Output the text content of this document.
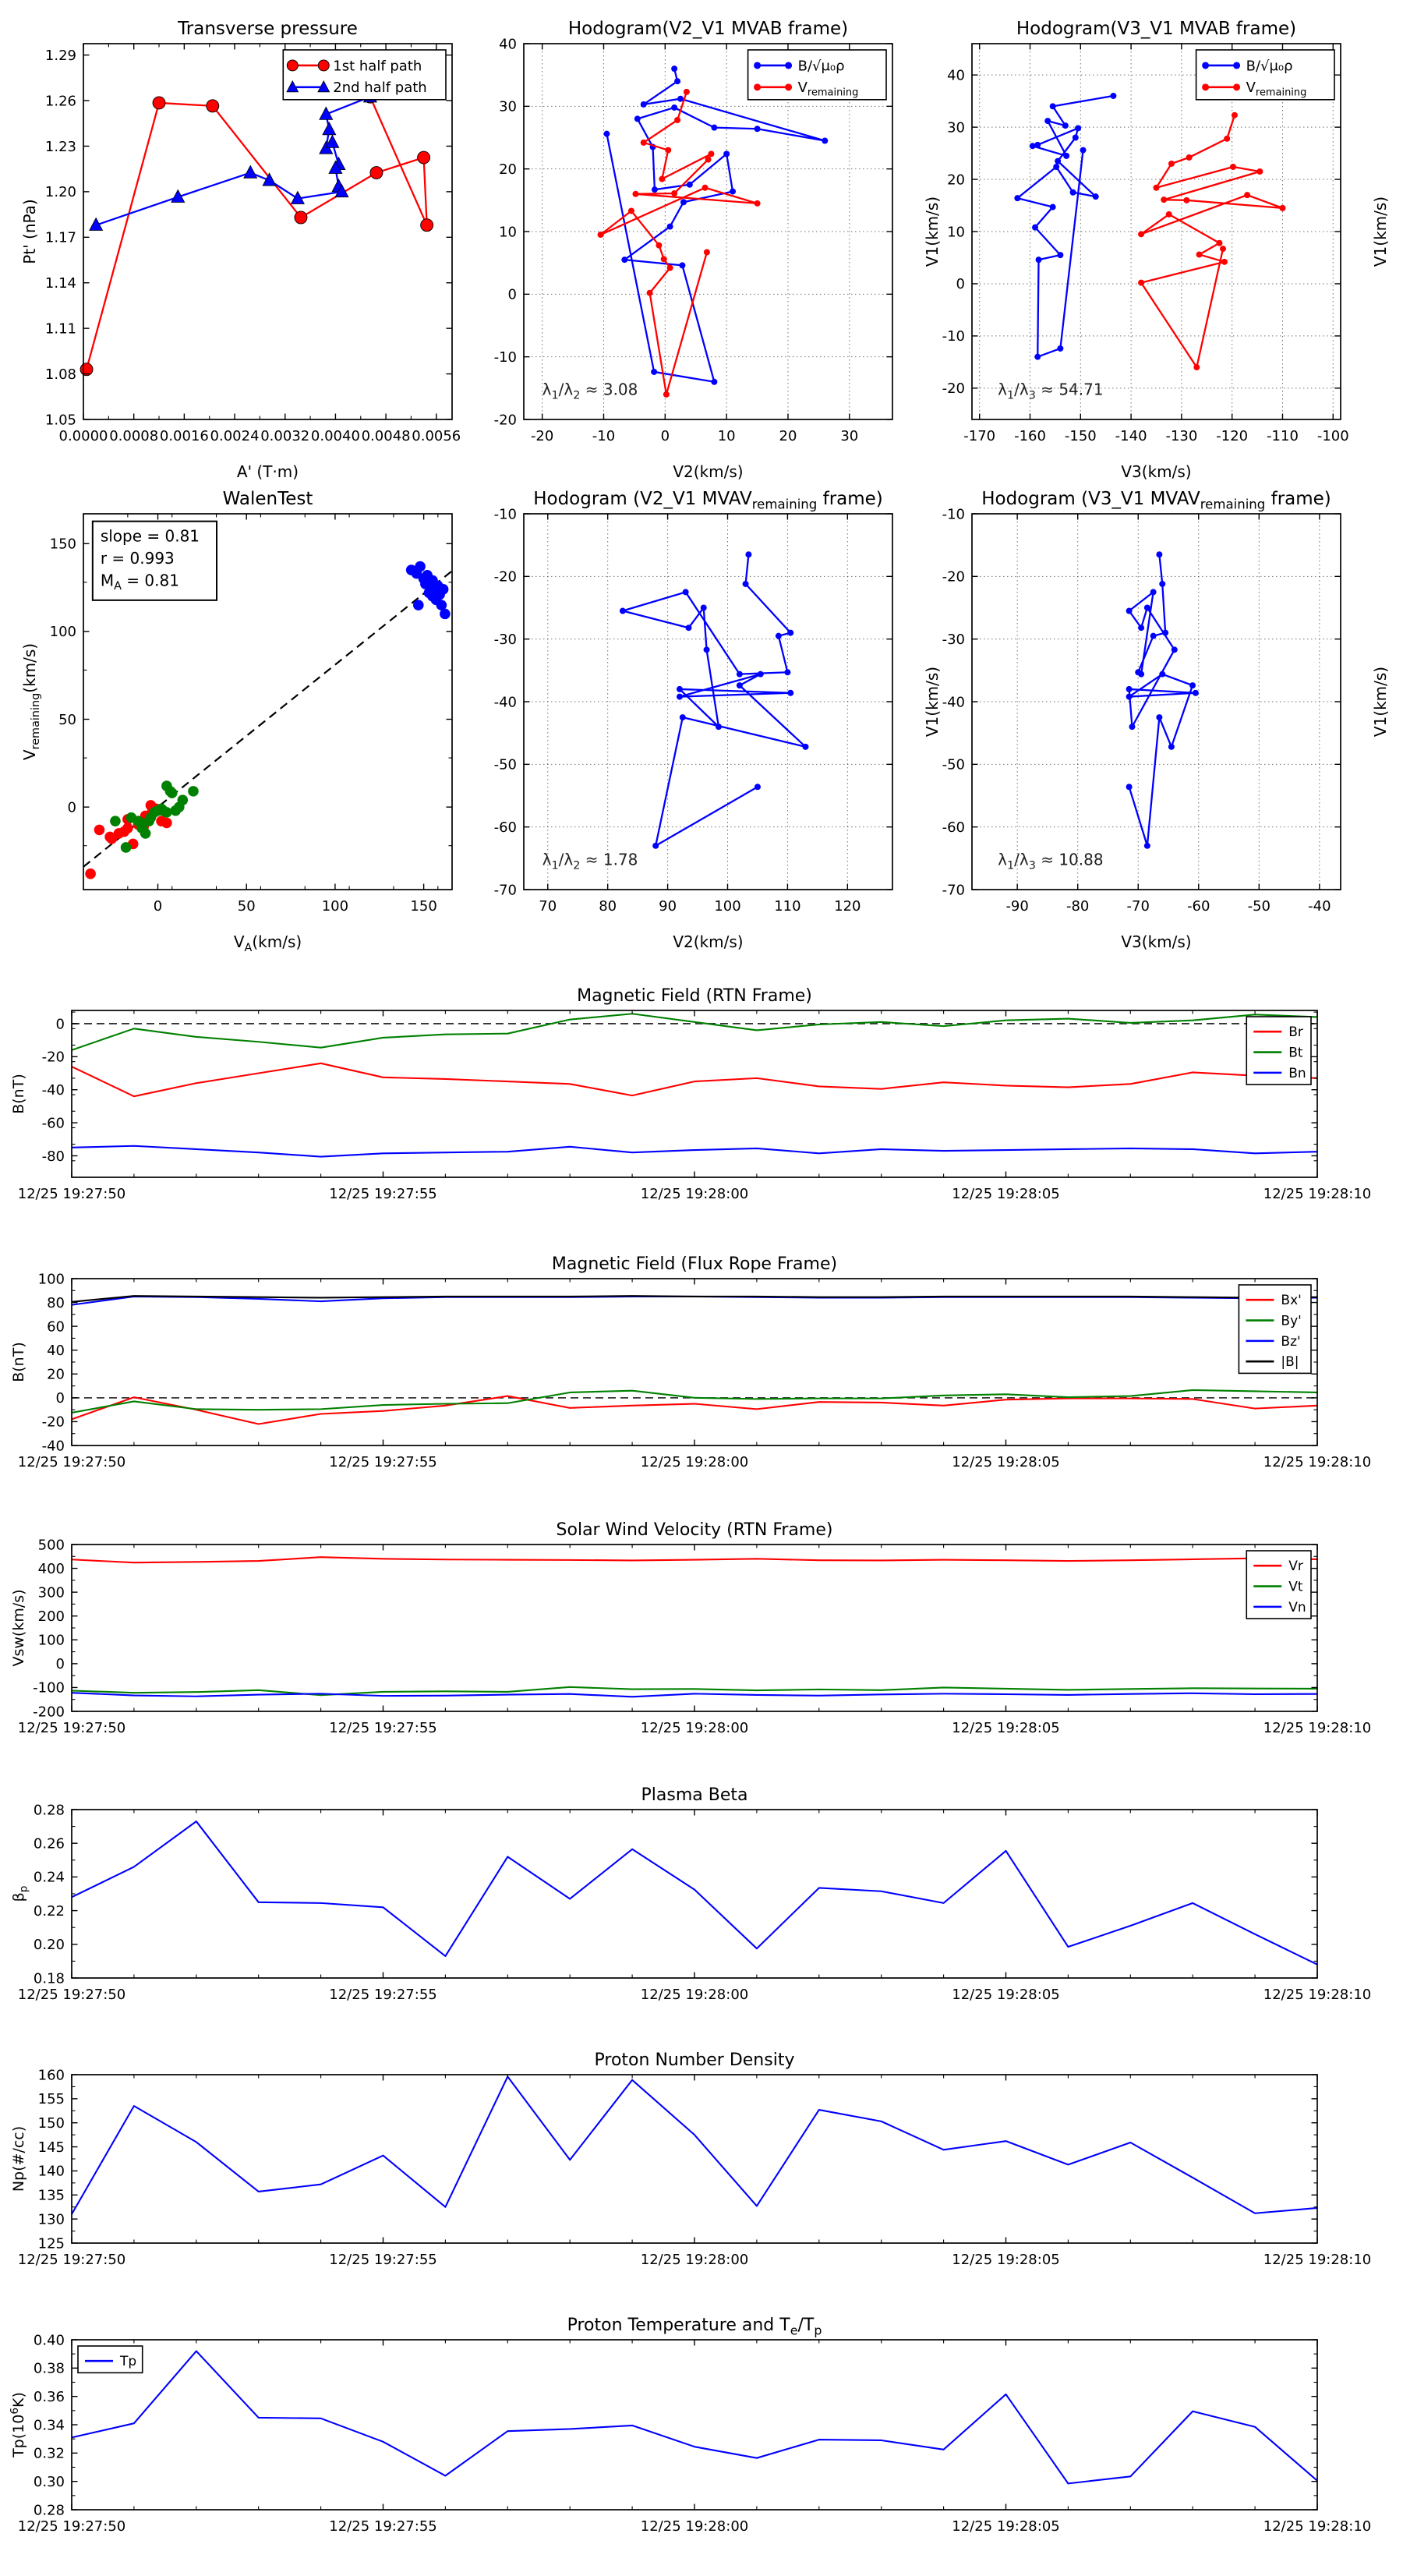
0.0000 0.0008 0.0016 0.0024 0.0032 0.0040 0.0048 0.0056
1.05
1.08
1.11
1.14
1.17
1.20
1.23
1.26
1.29
Transverse pressure
A' (T·m)
Pt' (nPa)
1st half path
2nd half path
-20	-10	0	10	20	30
-20
-10
0
10
20
30
40
Hodogram(V2_V1 MVAB frame)
V2(km/s)
V1(km/s)
B/√μ₀ρ
$V_{remaining}$
$\lambda_1/\lambda_2 \approx 3.08$
-170 -160 -150 -140 -130 -120 -110 -100
-20
-10
0
10
20
30
40
Hodogram(V3_V1 MVAB frame)
V3(km/s)
V1(km/s)
B/√μ₀ρ
$V_{remaining}$
$\lambda_1/\lambda_3 \approx 54.71$
0	50	100	150
0
50
100
150
WalenTest
$V_A(km/s)$
$V_{remaining}(km/s)$
slope = 0.81
r = 0.993
$M_A = 0.81$
70	80	90	100 110 120
-70
-60
-50
-40
-30
-20
-10
Hodogram (V2_V1 $MVAV_{remaining}$ frame)
V2(km/s)
V1(km/s)
$\lambda_1/\lambda_2 \approx 1.78$
-90	-80	-70	-60	-50	-40
-70
-60
-50
-40
-30
-20
-10
Hodogram (V3_V1 $MVAV_{remaining}$ frame)
V3(km/s)
V1(km/s)
$\lambda_1/\lambda_3 \approx 10.88$
12/25 19:27:50	12/25 19:27:55	12/25 19:28:00	12/25 19:28:05	12/25 19:28:10
-80
-60
-40
-20
0
Magnetic Field (RTN Frame)
B(nT)
Br
Bt
Bn
12/25 19:27:50	12/25 19:27:55	12/25 19:28:00	12/25 19:28:05	12/25 19:28:10
-40
-20
0
20
40
60
80
100
Magnetic Field (Flux Rope Frame)
B(nT)
Bx'
By'
Bz'
|B|
12/25 19:27:50	12/25 19:27:55	12/25 19:28:00	12/25 19:28:05	12/25 19:28:10
-200
-100
0
100
200
300
400
500
Solar Wind Velocity (RTN Frame)
Vsw(km/s)
Vr
Vt
Vn
12/25 19:27:50	12/25 19:27:55	12/25 19:28:00	12/25 19:28:05	12/25 19:28:10
0.18
0.20
0.22
0.24
0.26
0.28
Plasma Beta
$\beta_p$
12/25 19:27:50	12/25 19:27:55	12/25 19:28:00	12/25 19:28:05	12/25 19:28:10
125
130
135
140
145
150
155
160
Proton Number Density
Np(#/cc)
12/25 19:27:50	12/25 19:27:55	12/25 19:28:00	12/25 19:28:05	12/25 19:28:10
0.28
0.30
0.32
0.34
0.36
0.38
0.40
Proton Temperature and $T_e/T_p$
$Tp(10^6K)$
Tp
